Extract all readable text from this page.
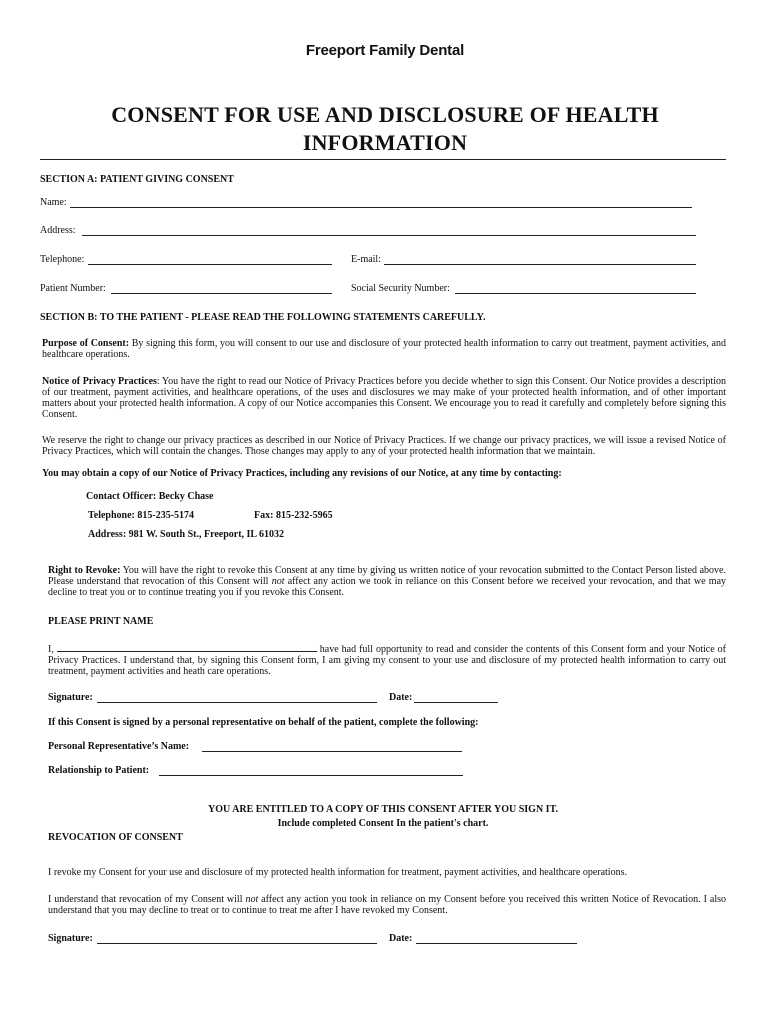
Freeport Family Dental
CONSENT FOR USE AND DISCLOSURE OF HEALTH INFORMATION
SECTION A: PATIENT GIVING CONSENT
Name:
Address:
Telephone:	E-mail:
Patient Number:	Social Security Number:
SECTION B: TO THE PATIENT - PLEASE READ THE FOLLOWING STATEMENTS CAREFULLY.
Purpose of Consent: By signing this form, you will consent to our use and disclosure of your protected health information to carry out treatment, payment activities, and healthcare operations.
Notice of Privacy Practices: You have the right to read our Notice of Privacy Practices before you decide whether to sign this Consent. Our Notice provides a description of our treatment, payment activities, and healthcare operations, of the uses and disclosures we may make of your protected health information, and of other important matters about your protected health information. A copy of our Notice accompanies this Consent. We encourage you to read it carefully and completely before signing this Consent.
We reserve the right to change our privacy practices as described in our Notice of Privacy Practices. If we change our privacy practices, we will issue a revised Notice of Privacy Practices, which will contain the changes. Those changes may apply to any of your protected health information that we maintain.
You may obtain a copy of our Notice of Privacy Practices, including any revisions of our Notice, at any time by contacting:
Contact Officer: Becky Chase
Telephone: 815-235-5174	Fax: 815-232-5965
Address: 981 W. South St., Freeport, IL 61032
Right to Revoke: You will have the right to revoke this Consent at any time by giving us written notice of your revocation submitted to the Contact Person listed above. Please understand that revocation of this Consent will not affect any action we took in reliance on this Consent before we received your revocation, and that we may decline to treat you or to continue treating you if you revoke this Consent.
PLEASE PRINT NAME
I,	have had full opportunity to read and consider the contents of this Consent form and your Notice of Privacy Practices. I understand that, by signing this Consent form, I am giving my consent to your use and disclosure of my protected health information to carry out treatment, payment activities and heath care operations.
Signature:	Date:
If this Consent is signed by a personal representative on behalf of the patient, complete the following:
Personal Representative’s Name:
Relationship to Patient:
YOU ARE ENTITLED TO A COPY OF THIS CONSENT AFTER YOU SIGN IT.
Include completed Consent In the patient's chart.
REVOCATION OF CONSENT
I revoke my Consent for your use and disclosure of my protected health information for treatment, payment activities, and healthcare operations.
I understand that revocation of my Consent will not affect any action you took in reliance on my Consent before you received this written Notice of Revocation. I also understand that you may decline to treat or to continue to treat me after I have revoked my Consent.
Signature:	Date:
